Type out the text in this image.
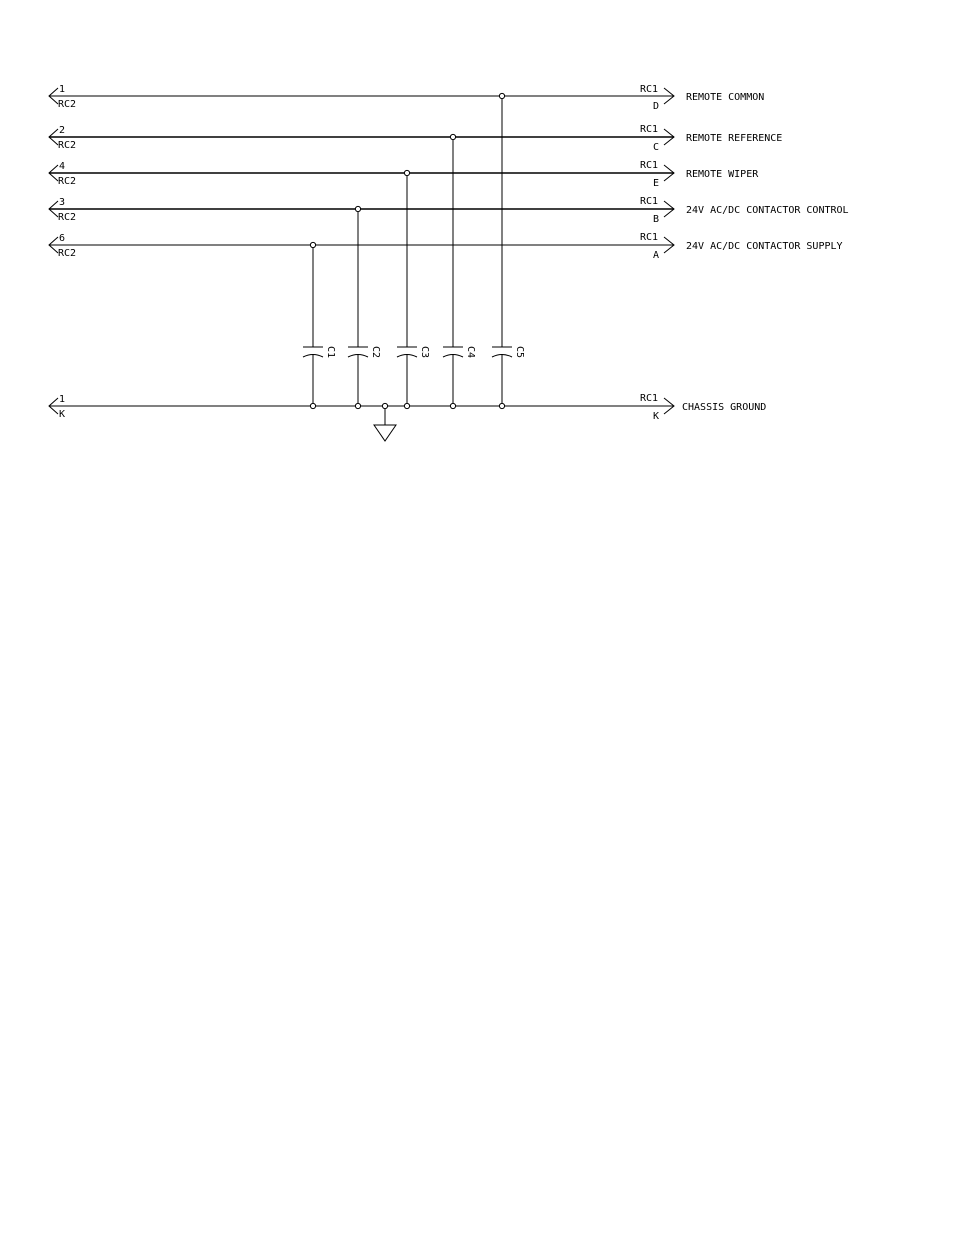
1
RC2
RC1
D
REMOTE COMMON
2
RC2
RC1
C
REMOTE REFERENCE
4
RC2
RC1
E
REMOTE WIPER
3
RC2
RC1
B
24V AC/DC CONTACTOR CONTROL
6
RC2
RC1
A
24V AC/DC CONTACTOR SUPPLY
1
K
RC1
K
CHASSIS GROUND
C1	C2	C3	C4	C5
